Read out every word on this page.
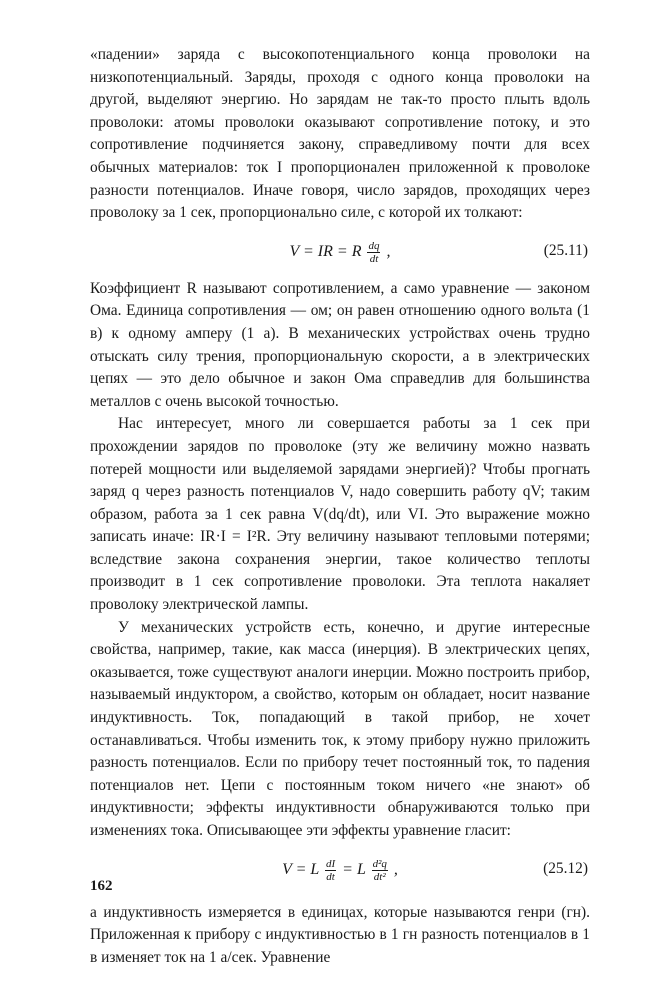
«падении» заряда с высокопотенциального конца проволоки на низкопотенциальный. Заряды, проходя с одного конца проволоки на другой, выделяют энергию. Но зарядам не так-то просто плыть вдоль проволоки: атомы проволоки оказывают сопротивление потоку, и это сопротивление подчиняется закону, справедливому почти для всех обычных материалов: ток I пропорционален приложенной к проволоке разности потенциалов. Иначе говоря, число зарядов, проходящих через проволоку за 1 сек, пропорционально силе, с которой их толкают:

V = IR = R $\frac{dq}{dt}$ ,	(25.11)

Коэффициент R называют сопротивлением, а само уравнение — законом Ома. Единица сопротивления — ом; он равен отношению одного вольта (1 в) к одному амперу (1 а). В механических устройствах очень трудно отыскать силу трения, пропорциональную скорости, а в электрических цепях — это дело обычное и закон Ома справедлив для большинства металлов с очень высокой точностью.

Нас интересует, много ли совершается работы за 1 сек при прохождении зарядов по проволоке (эту же величину можно назвать потерей мощности или выделяемой зарядами энергией)? Чтобы прогнать заряд q через разность потенциалов V, надо совершить работу qV; таким образом, работа за 1 сек равна V(dq/dt), или VI. Это выражение можно записать иначе: IR·I = I²R. Эту величину называют тепловыми потерями; вследствие закона сохранения энергии, такое количество теплоты производит в 1 сек сопротивление проволоки. Эта теплота накаляет проволоку электрической лампы.

У механических устройств есть, конечно, и другие интересные свойства, например, такие, как масса (инерция). В электрических цепях, оказывается, тоже существуют аналоги инерции. Можно построить прибор, называемый индуктором, а свойство, которым он обладает, носит название индуктивность. Ток, попадающий в такой прибор, не хочет останавливаться. Чтобы изменить ток, к этому прибору нужно приложить разность потенциалов. Если по прибору течет постоянный ток, то падения потенциалов нет. Цепи с постоянным током ничего «не знают» об индуктивности; эффекты индуктивности обнаруживаются только при изменениях тока. Описывающее эти эффекты уравнение гласит:

V = L $\frac{dI}{dt} = L \frac{\text{d²q}}{\text{dt²}}$ ,	(25.12)

а индуктивность измеряется в единицах, которые называются генри (гн). Приложенная к прибору с индуктивностью в 1 гн разность потенциалов в 1 в изменяет ток на 1 а/сек. Уравнение

162
